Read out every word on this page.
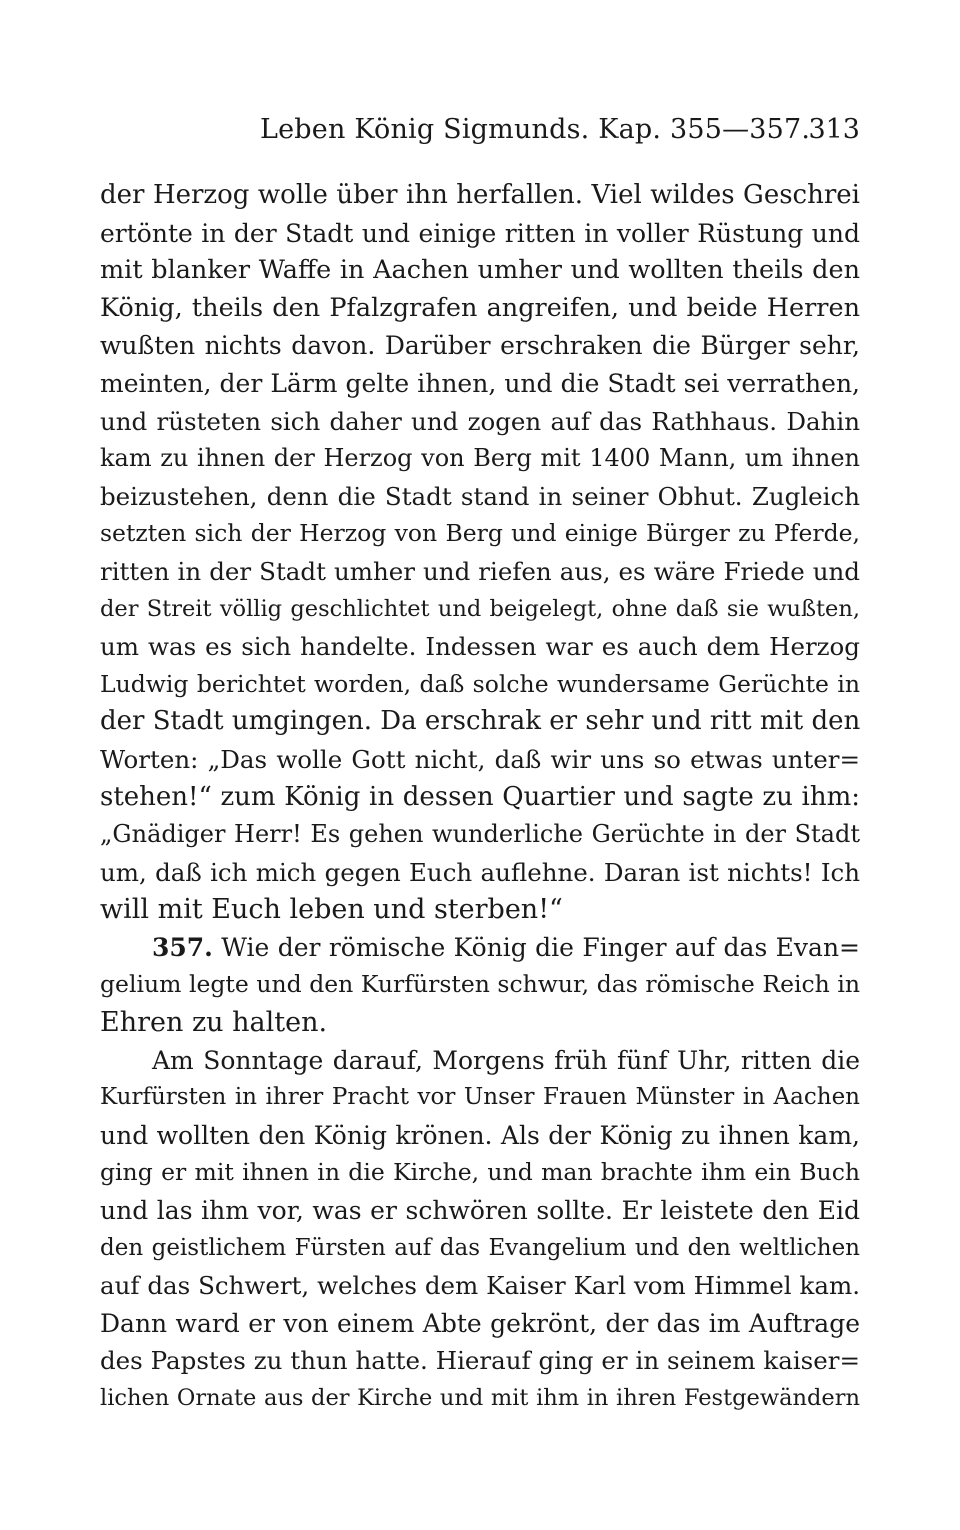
Leben König Sigmunds. Kap. 355—357.
313
der Herzog wolle über ihn herfallen. Viel wildes Geschrei
ertönte in der Stadt und einige ritten in voller Rüstung und
mit blanker Waffe in Aachen umher und wollten theils den
König, theils den Pfalzgrafen angreifen, und beide Herren
wußten nichts davon. Darüber erschraken die Bürger sehr,
meinten, der Lärm gelte ihnen, und die Stadt sei verrathen,
und rüsteten sich daher und zogen auf das Rathhaus. Dahin
kam zu ihnen der Herzog von Berg mit 1400 Mann, um ihnen
beizustehen, denn die Stadt stand in seiner Obhut. Zugleich
setzten sich der Herzog von Berg und einige Bürger zu Pferde,
ritten in der Stadt umher und riefen aus, es wäre Friede und
der Streit völlig geschlichtet und beigelegt, ohne daß sie wußten,
um was es sich handelte. Indessen war es auch dem Herzog
Ludwig berichtet worden, daß solche wundersame Gerüchte in
der Stadt umgingen. Da erschrak er sehr und ritt mit den
Worten: „Das wolle Gott nicht, daß wir uns so etwas unter=
stehen!“ zum König in dessen Quartier und sagte zu ihm:
„Gnädiger Herr! Es gehen wunderliche Gerüchte in der Stadt
um, daß ich mich gegen Euch auflehne. Daran ist nichts! Ich
will mit Euch leben und sterben!“
357. Wie der römische König die Finger auf das Evan=
gelium legte und den Kurfürsten schwur, das römische Reich in
Ehren zu halten.
Am Sonntage darauf, Morgens früh fünf Uhr, ritten die
Kurfürsten in ihrer Pracht vor Unser Frauen Münster in Aachen
und wollten den König krönen. Als der König zu ihnen kam,
ging er mit ihnen in die Kirche, und man brachte ihm ein Buch
und las ihm vor, was er schwören sollte. Er leistete den Eid
den geistlichem Fürsten auf das Evangelium und den weltlichen
auf das Schwert, welches dem Kaiser Karl vom Himmel kam.
Dann ward er von einem Abte gekrönt, der das im Auftrage
des Papstes zu thun hatte. Hierauf ging er in seinem kaiser=
lichen Ornate aus der Kirche und mit ihm in ihren Festgewändern
